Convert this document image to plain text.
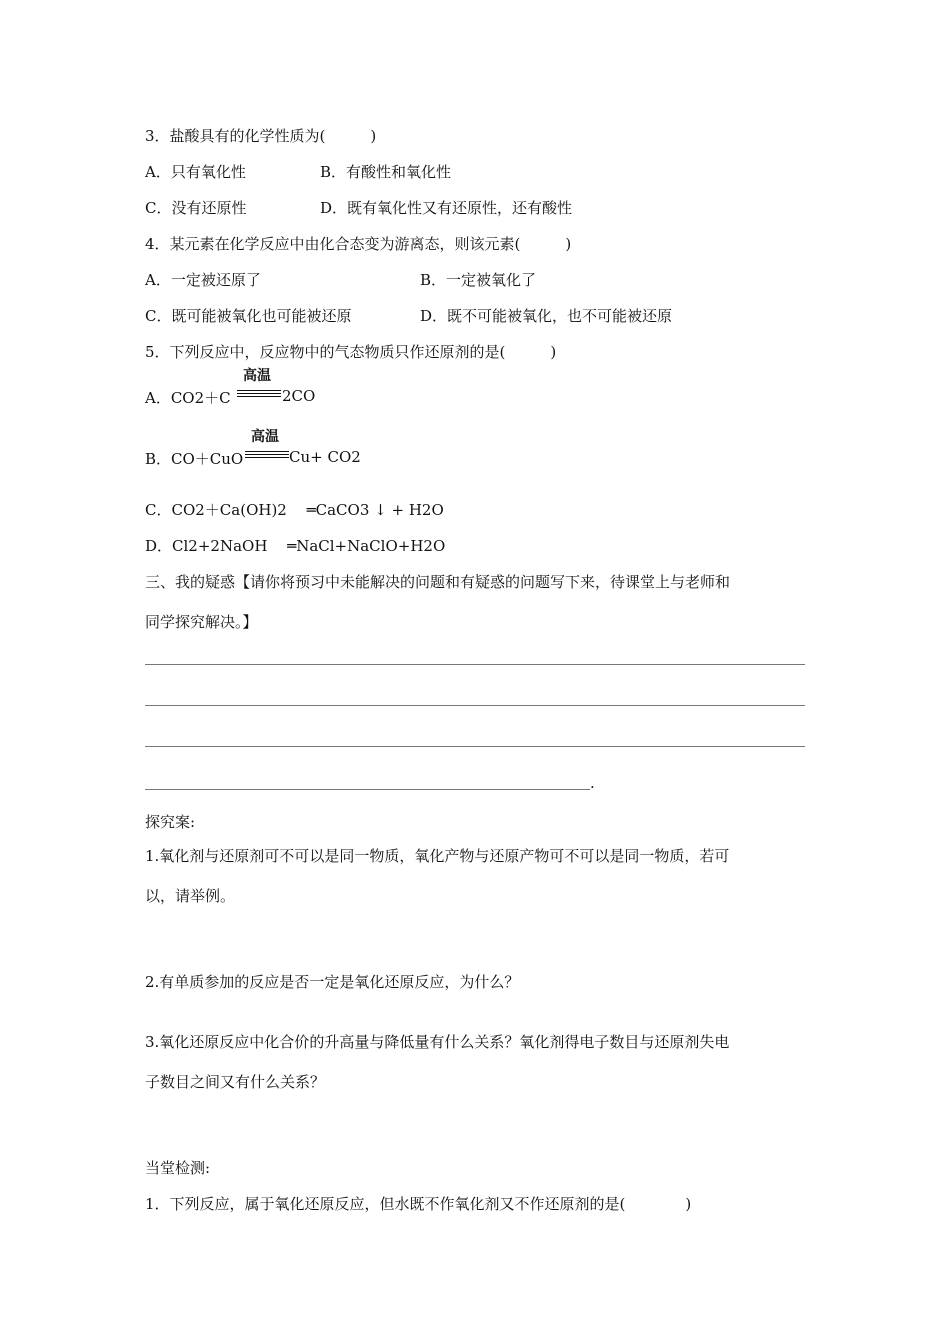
3．盐酸具有的化学性质为(　　　)
A．只有氧化性	B．有酸性和氧化性
C．没有还原性	D．既有氧化性又有还原性，还有酸性
4．某元素在化学反应中由化合态变为游离态，则该元素(　　　)
A．一定被还原了	B．一定被氧化了
C．既可能被氧化也可能被还原	D．既不可能被氧化，也不可能被还原
5．下列反应中，反应物中的气态物质只作还原剂的是(　　　)
A．CO2＋C
高温
2CO
B．CO＋CuO
高温
Cu+ CO2
C．CO2＋Ca(OH)2 　═CaCO3 ↓ + H2O
D．Cl2+2NaOH 　═NaCl+NaClO+H2O
三、我的疑惑【请你将预习中未能解决的问题和有疑惑的问题写下来，待课堂上与老师和
同学探究解决。】
.
探究案:
1.氧化剂与还原剂可不可以是同一物质，氧化产物与还原产物可不可以是同一物质，若可
以，请举例。
2.有单质参加的反应是否一定是氧化还原反应，为什么？
3.氧化还原反应中化合价的升高量与降低量有什么关系？氧化剂得电子数目与还原剂失电
子数目之间又有什么关系？
当堂检测:
1．下列反应，属于氧化还原反应，但水既不作氧化剂又不作还原剂的是(　　　　)
